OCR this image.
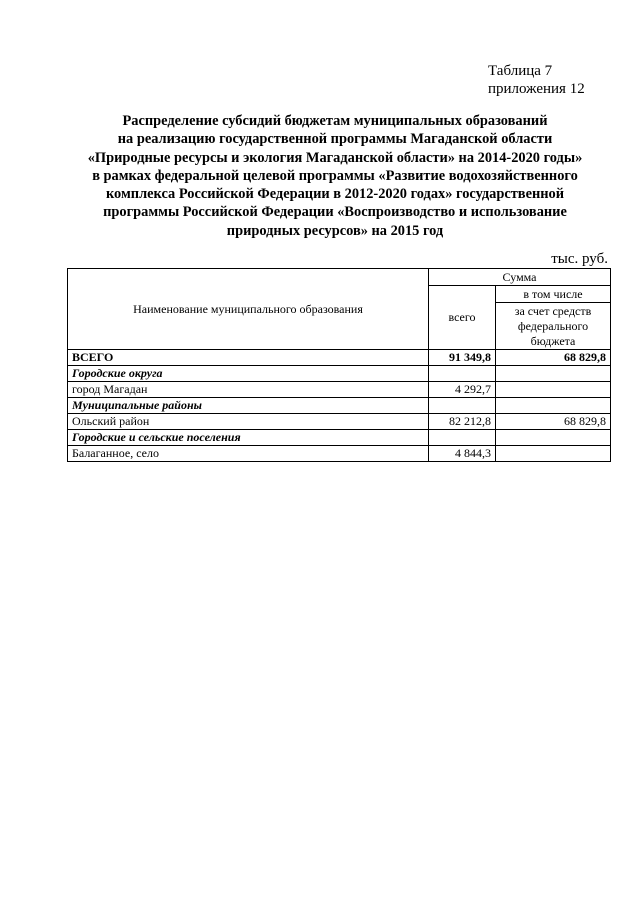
Таблица 7
приложения 12
Распределение субсидий бюджетам муниципальных образований
на реализацию государственной программы Магаданской области
«Природные ресурсы и экология Магаданской области» на 2014-2020 годы»
в рамках федеральной целевой программы «Развитие водохозяйственного
комплекса Российской Федерации в 2012-2020 годах» государственной
программы Российской Федерации «Воспроизводство и использование
природных ресурсов» на 2015 год
тыс. руб.
Наименование муниципального образования	Сумма	
	всего	в том числе
		за счет средств федерального бюджета

ВСЕГО	91 349,8	68 829,8
Городские округа		
город Магадан	4 292,7	
Муниципальные районы		
Ольский район	82 212,8	68 829,8
Городские и сельские поселения		
Балаганное, село	4 844,3	
